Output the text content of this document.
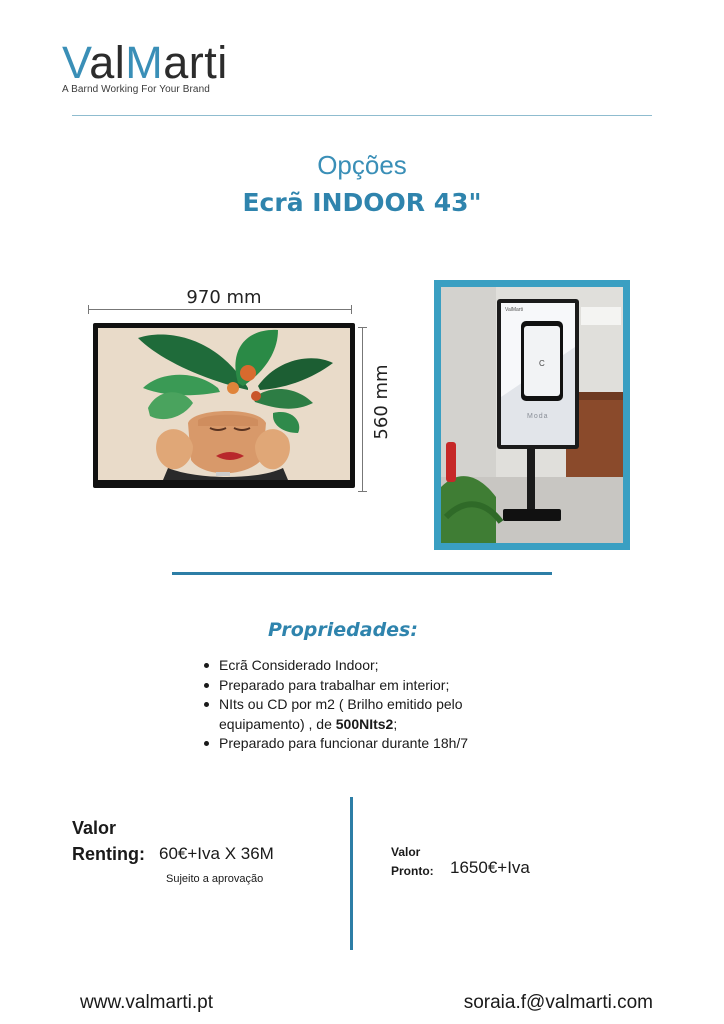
ValMarti
A Barnd Working For Your Brand
Opções
Ecrã INDOOR 43"
970 mm
560 mm
ValMarti
C
Moda
Propriedades:
Ecrã Considerado Indoor;
Preparado para trabalhar em interior;
NIts ou CD por m2 ( Brilho emitido pelo equipamento) , de 500NIts2;
Preparado para funcionar durante 18h/7
Valor
Renting: 60€+Iva X 36M
Sujeito a aprovação
Valor
Pronto: 1650€+Iva
www.valmarti.pt	soraia.f@valmarti.com
